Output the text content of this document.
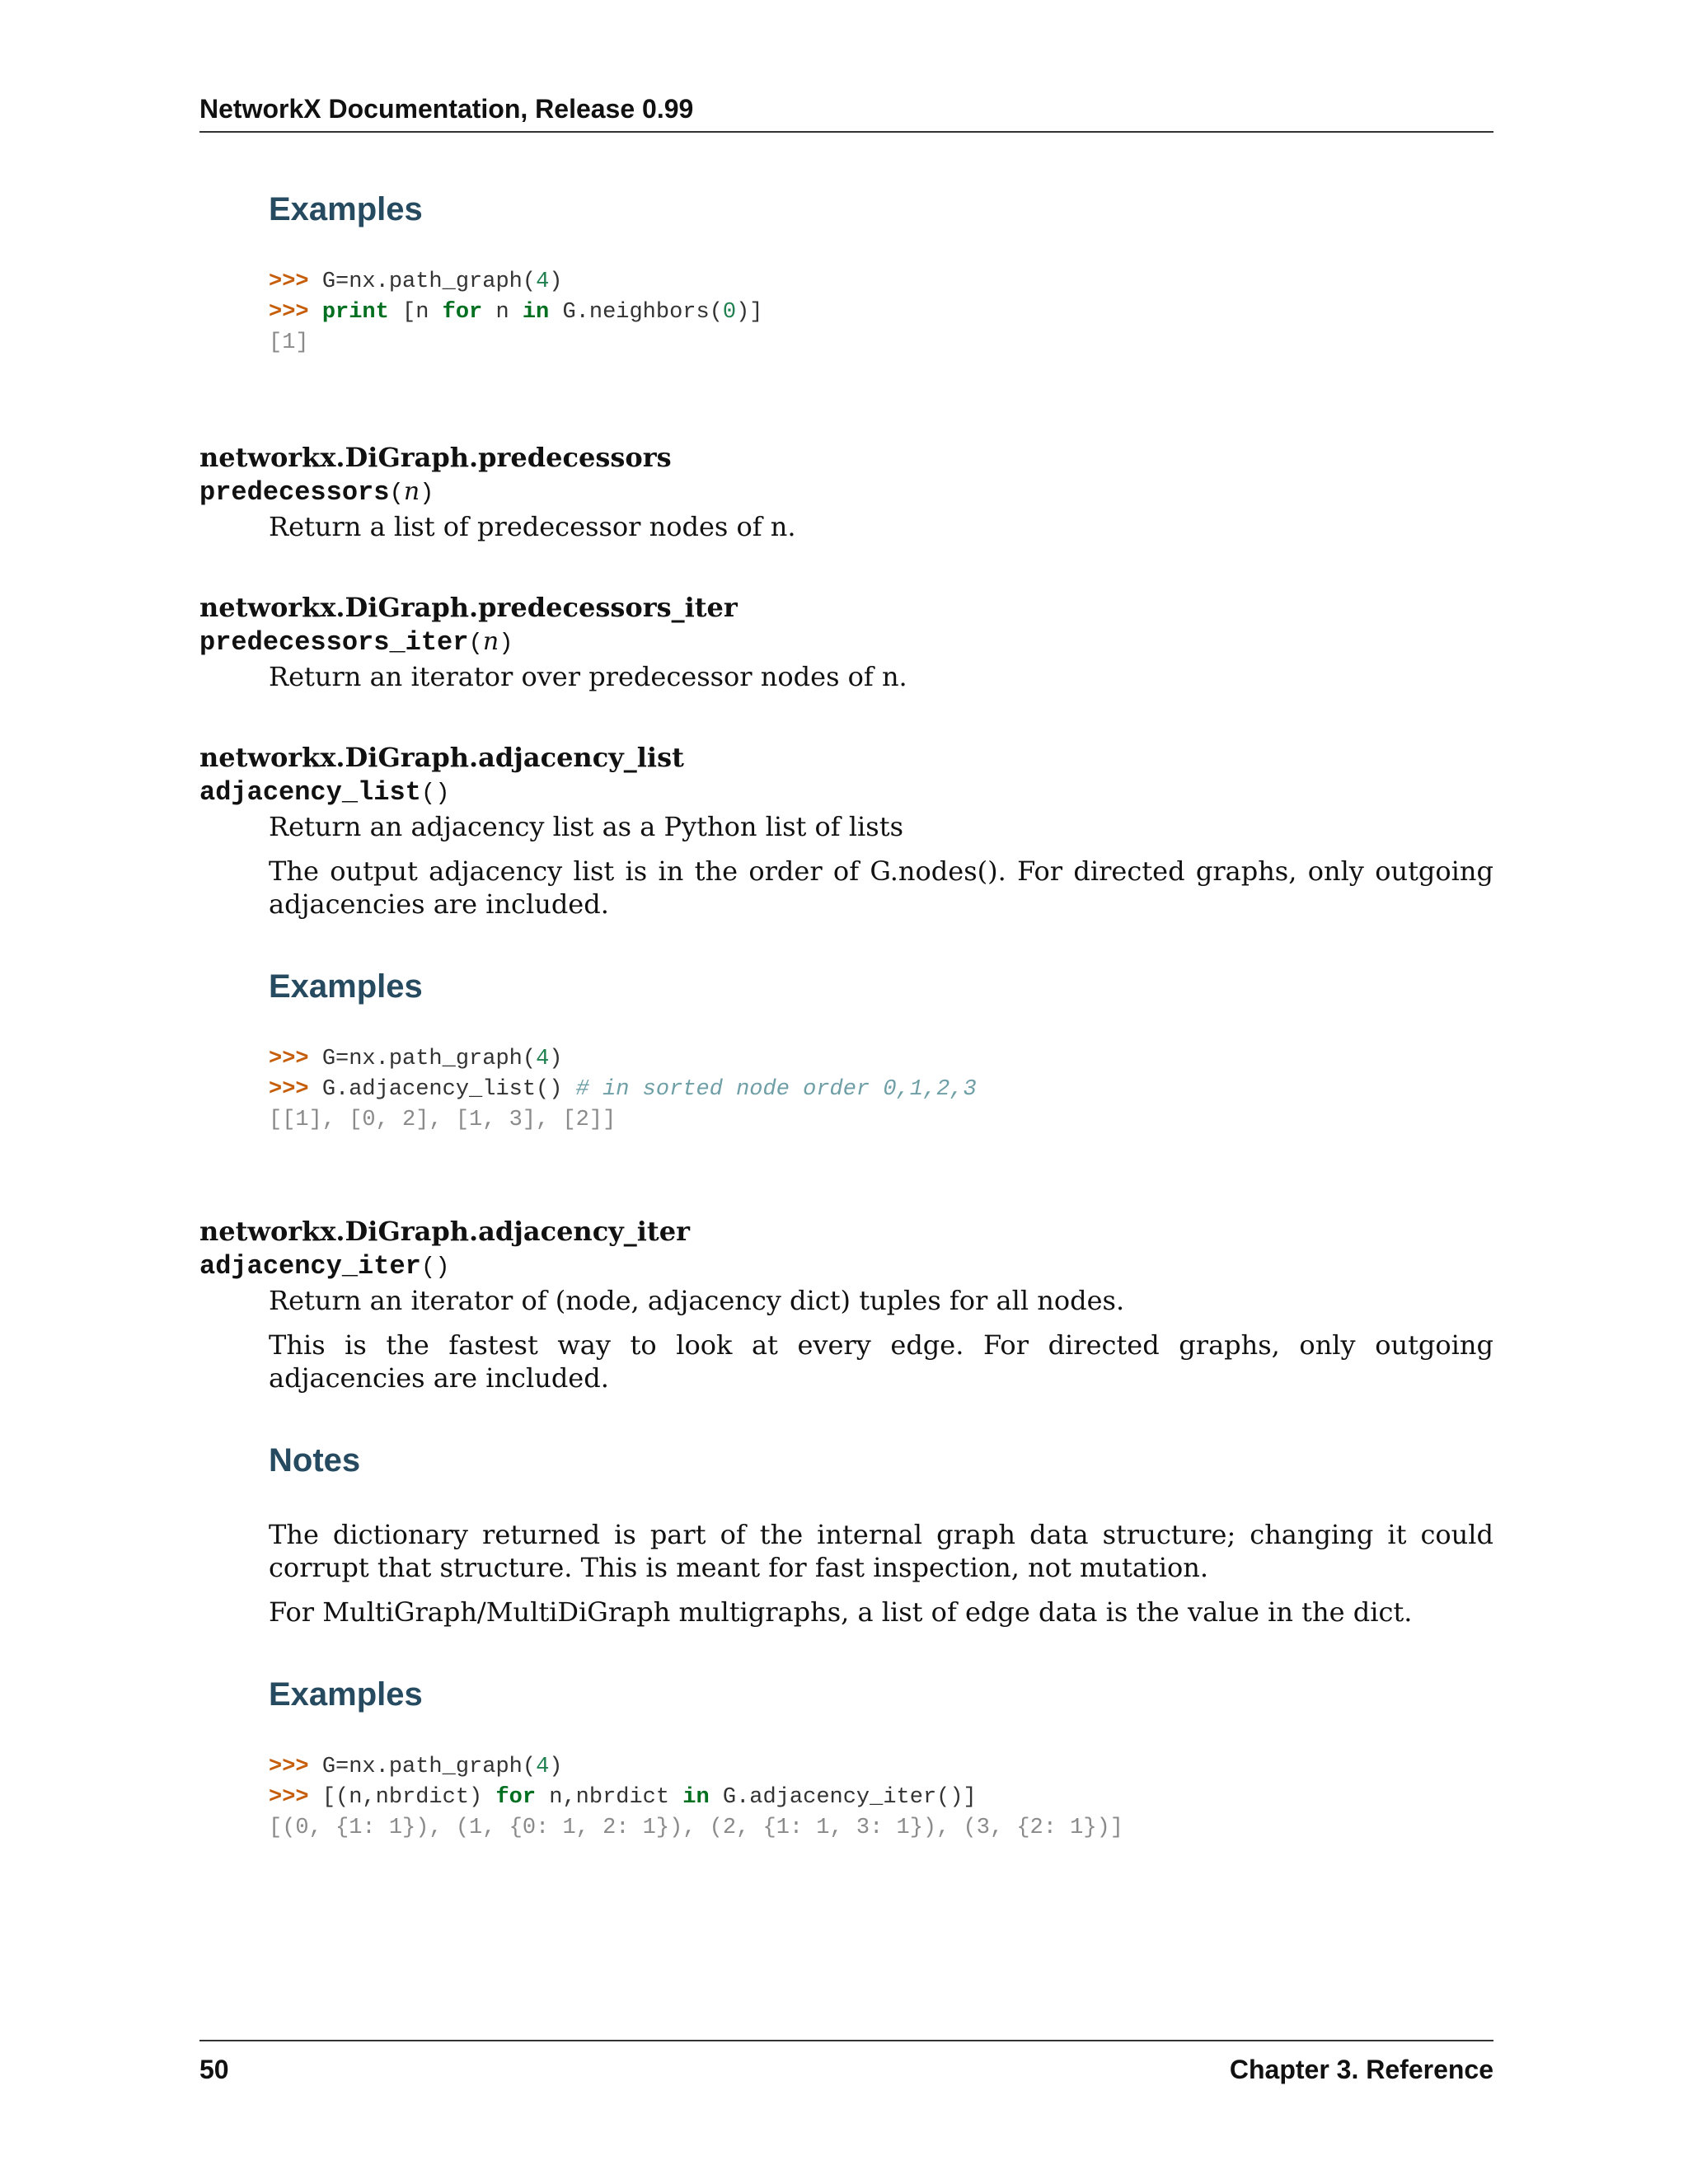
NetworkX Documentation, Release 0.99
Examples
>>> G=nx.path_graph(4)
>>> print [n for n in G.neighbors(0)]
[1]
networkx.DiGraph.predecessors
predecessors(n)

Return a list of predecessor nodes of n.

networkx.DiGraph.predecessors_iter
predecessors_iter(n)

Return an iterator over predecessor nodes of n.

networkx.DiGraph.adjacency_list
adjacency_list()

Return an adjacency list as a Python list of lists

The output adjacency list is in the order of G.nodes(). For directed graphs, only outgoing adjacencies are included.

Examples
>>> G=nx.path_graph(4)
>>> G.adjacency_list() # in sorted node order 0,1,2,3
[[1], [0, 2], [1, 3], [2]]
networkx.DiGraph.adjacency_iter
adjacency_iter()

Return an iterator of (node, adjacency dict) tuples for all nodes.

This is the fastest way to look at every edge. For directed graphs, only outgoing adjacencies are included.

Notes

The dictionary returned is part of the internal graph data structure; changing it could corrupt that structure. This is meant for fast inspection, not mutation.

For MultiGraph/MultiDiGraph multigraphs, a list of edge data is the value in the dict.

Examples
>>> G=nx.path_graph(4)
>>> [(n,nbrdict) for n,nbrdict in G.adjacency_iter()]
[(0, {1: 1}), (1, {0: 1, 2: 1}), (2, {1: 1, 3: 1}), (3, {2: 1})]
50	Chapter 3. Reference
